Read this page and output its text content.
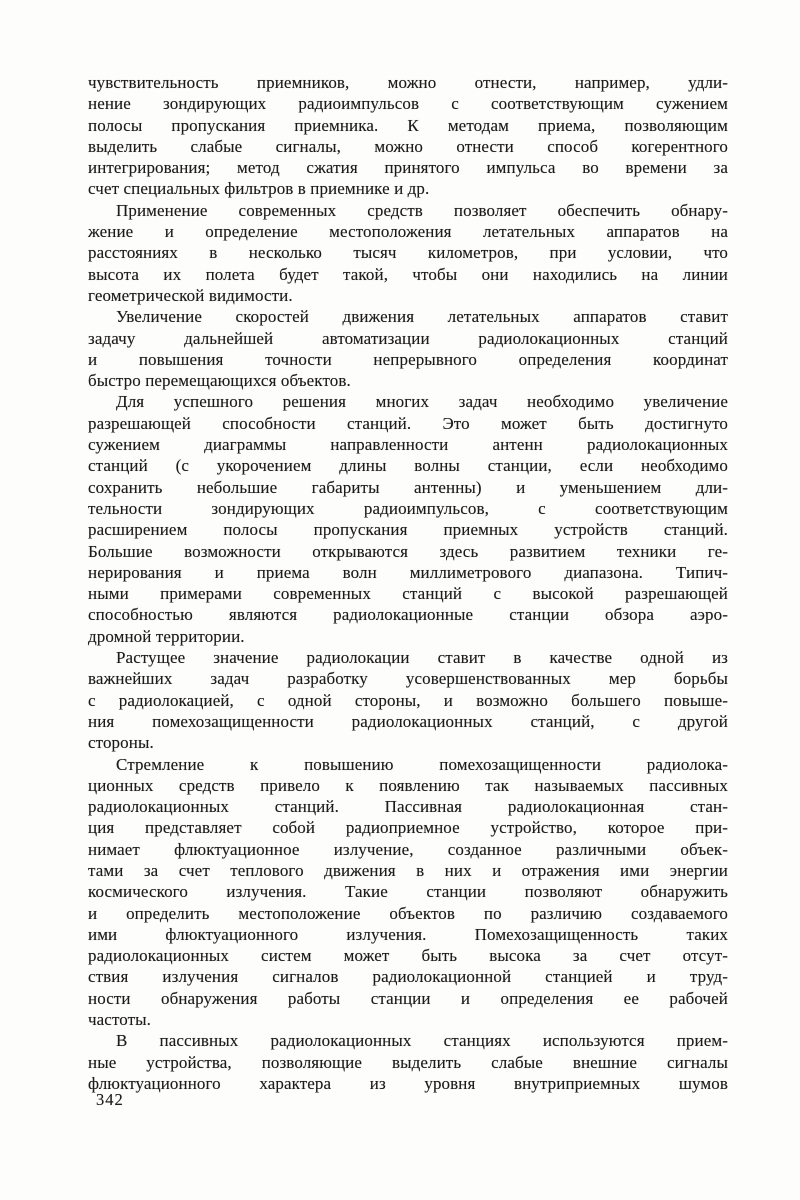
чувствительность приемников, можно отнести, например, удли-
нение зондирующих радиоимпульсов с соответствующим сужением
полосы пропускания приемника. К методам приема, позволяющим
выделить слабые сигналы, можно отнести способ когерентного
интегрирования; метод сжатия принятого импульса во времени за
счет специальных фильтров в приемнике и др.
Применение современных средств позволяет обеспечить обнару-
жение и определение местоположения летательных аппаратов на
расстояниях в несколько тысяч километров, при условии, что
высота их полета будет такой, чтобы они находились на линии
геометрической видимости.
Увеличение скоростей движения летательных аппаратов ставит
задачу дальнейшей автоматизации радиолокационных станций
и повышения точности непрерывного определения координат
быстро перемещающихся объектов.
Для успешного решения многих задач необходимо увеличение
разрешающей способности станций. Это может быть достигнуто
сужением диаграммы направленности антенн радиолокационных
станций (с укорочением длины волны станции, если необходимо
сохранить небольшие габариты антенны) и уменьшением дли-
тельности зондирующих радиоимпульсов, с соответствующим
расширением полосы пропускания приемных устройств станций.
Большие возможности открываются здесь развитием техники ге-
нерирования и приема волн миллиметрового диапазона. Типич-
ными примерами современных станций с высокой разрешающей
способностью являются радиолокационные станции обзора аэро-
дромной территории.
Растущее значение радиолокации ставит в качестве одной из
важнейших задач разработку усовершенствованных мер борьбы
с радиолокацией, с одной стороны, и возможно большего повыше-
ния помехозащищенности радиолокационных станций, с другой
стороны.
Стремление к повышению помехозащищенности радиолока-
ционных средств привело к появлению так называемых пассивных
радиолокационных станций. Пассивная радиолокационная стан-
ция представляет собой радиоприемное устройство, которое при-
нимает флюктуационное излучение, созданное различными объек-
тами за счет теплового движения в них и отражения ими энергии
космического излучения. Такие станции позволяют обнаружить
и определить местоположение объектов по различию создаваемого
ими флюктуационного излучения. Помехозащищенность таких
радиолокационных систем может быть высока за счет отсут-
ствия излучения сигналов радиолокационной станцией и труд-
ности обнаружения работы станции и определения ее рабочей
частоты.
В пассивных радиолокационных станциях используются прием-
ные устройства, позволяющие выделить слабые внешние сигналы
флюктуационного характера из уровня внутриприемных шумов
342
